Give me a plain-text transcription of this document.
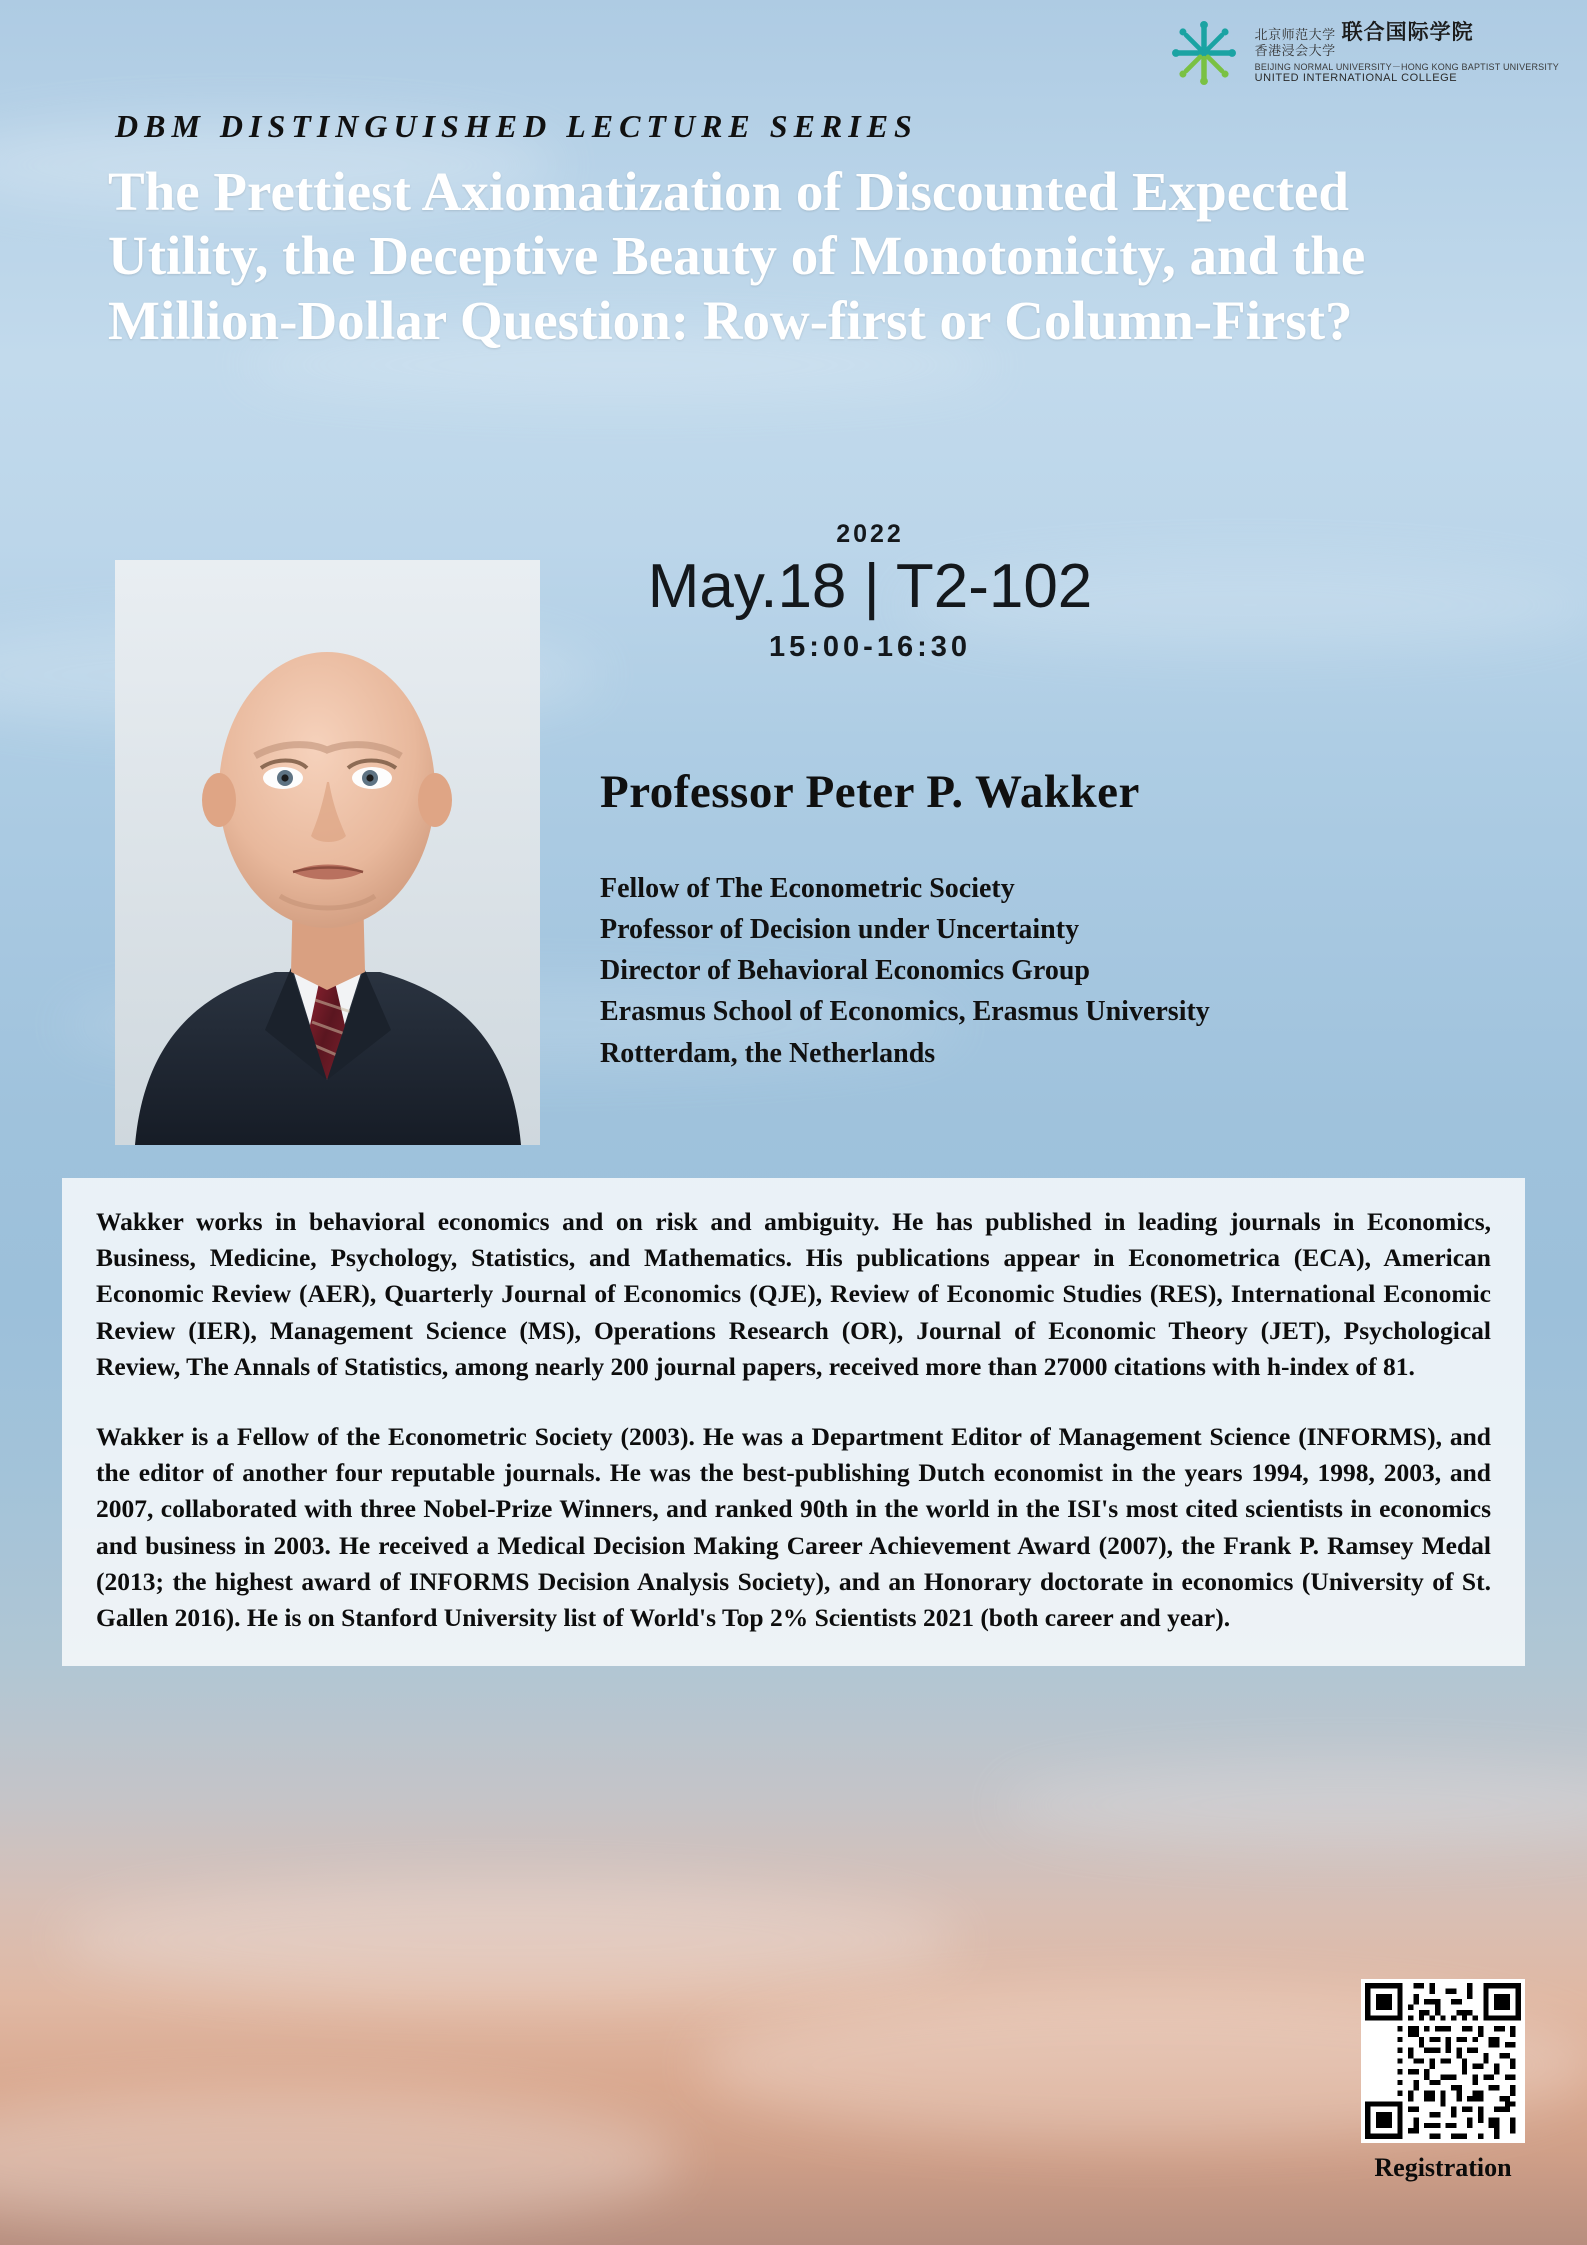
北京师范大学
香港浸会大学
联合国际学院
BEIJING NORMAL UNIVERSITY－HONG KONG BAPTIST UNIVERSITY
UNITED INTERNATIONAL COLLEGE
DBM DISTINGUISHED LECTURE SERIES
The Prettiest Axiomatization of Discounted Expected Utility, the Deceptive Beauty of Monotonicity, and the Million-Dollar Question: Row-first or Column-First?
2022
May.18 | T2-102
15:00-16:30
Professor Peter P. Wakker
Fellow of The Econometric Society
Professor of Decision under Uncertainty
Director of Behavioral Economics Group
Erasmus School of Economics, Erasmus University
Rotterdam, the Netherlands

Wakker works in behavioral economics and on risk and ambiguity. He has published in leading journals in Economics, Business, Medicine, Psychology, Statistics, and Mathematics. His publications appear in Econometrica (ECA), American Economic Review (AER), Quarterly Journal of Economics (QJE), Review of Economic Studies (RES), International Economic Review (IER), Management Science (MS), Operations Research (OR), Journal of Economic Theory (JET), Psychological Review, The Annals of Statistics, among nearly 200 journal papers, received more than 27000 citations with h-index of 81.

Wakker is a Fellow of the Econometric Society (2003). He was a Department Editor of Management Science (INFORMS), and the editor of another four reputable journals. He was the best-publishing Dutch economist in the years 1994, 1998, 2003, and 2007, collaborated with three Nobel-Prize Winners, and ranked 90th in the world in the ISI's most cited scientists in economics and business in 2003. He received a Medical Decision Making Career Achievement Award (2007), the Frank P. Ramsey Medal (2013; the highest award of INFORMS Decision Analysis Society), and an Honorary doctorate in economics (University of St. Gallen 2016). He is on Stanford University list of World's Top 2% Scientists 2021 (both career and year).

Registration
